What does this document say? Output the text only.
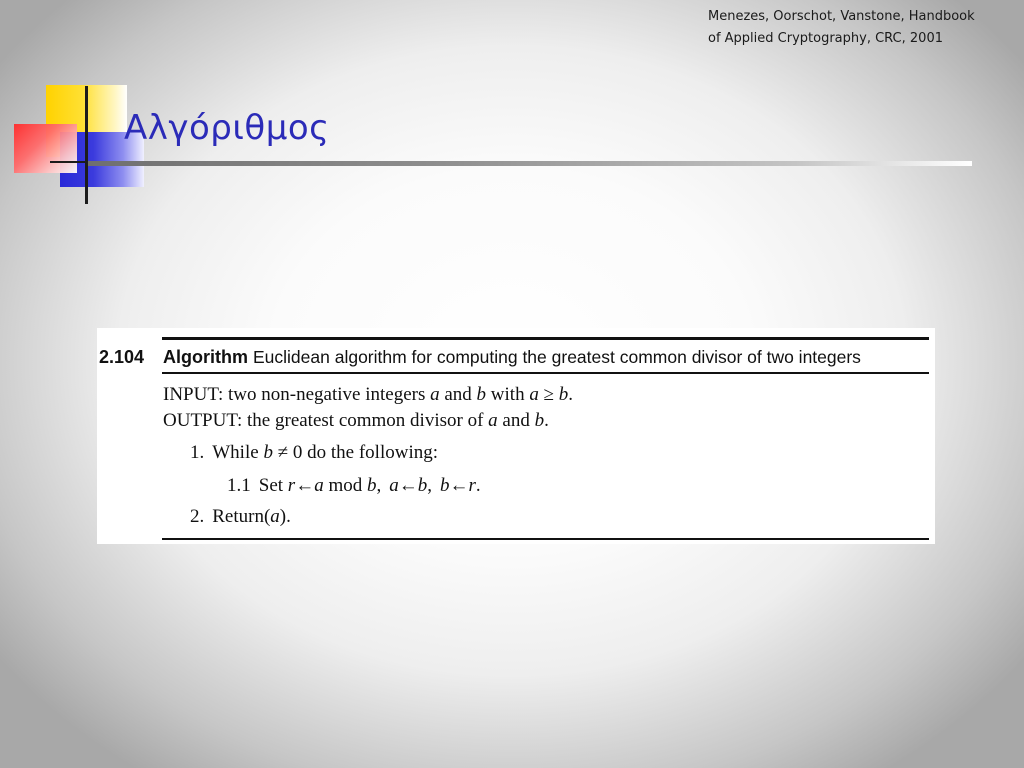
Menezes, Oorschot, Vanstone, Handbook
of Applied Cryptography, CRC, 2001
Αλγόριθμος
2.104 Algorithm Euclidean algorithm for computing the greatest common divisor of two integers
INPUT: two non-negative integers a and b with a ≥ b.
OUTPUT: the greatest common divisor of a and b.
1. While b ≠ 0 do the following:
1.1 Set r←a mod b, a←b, b←r.
2. Return(a).
